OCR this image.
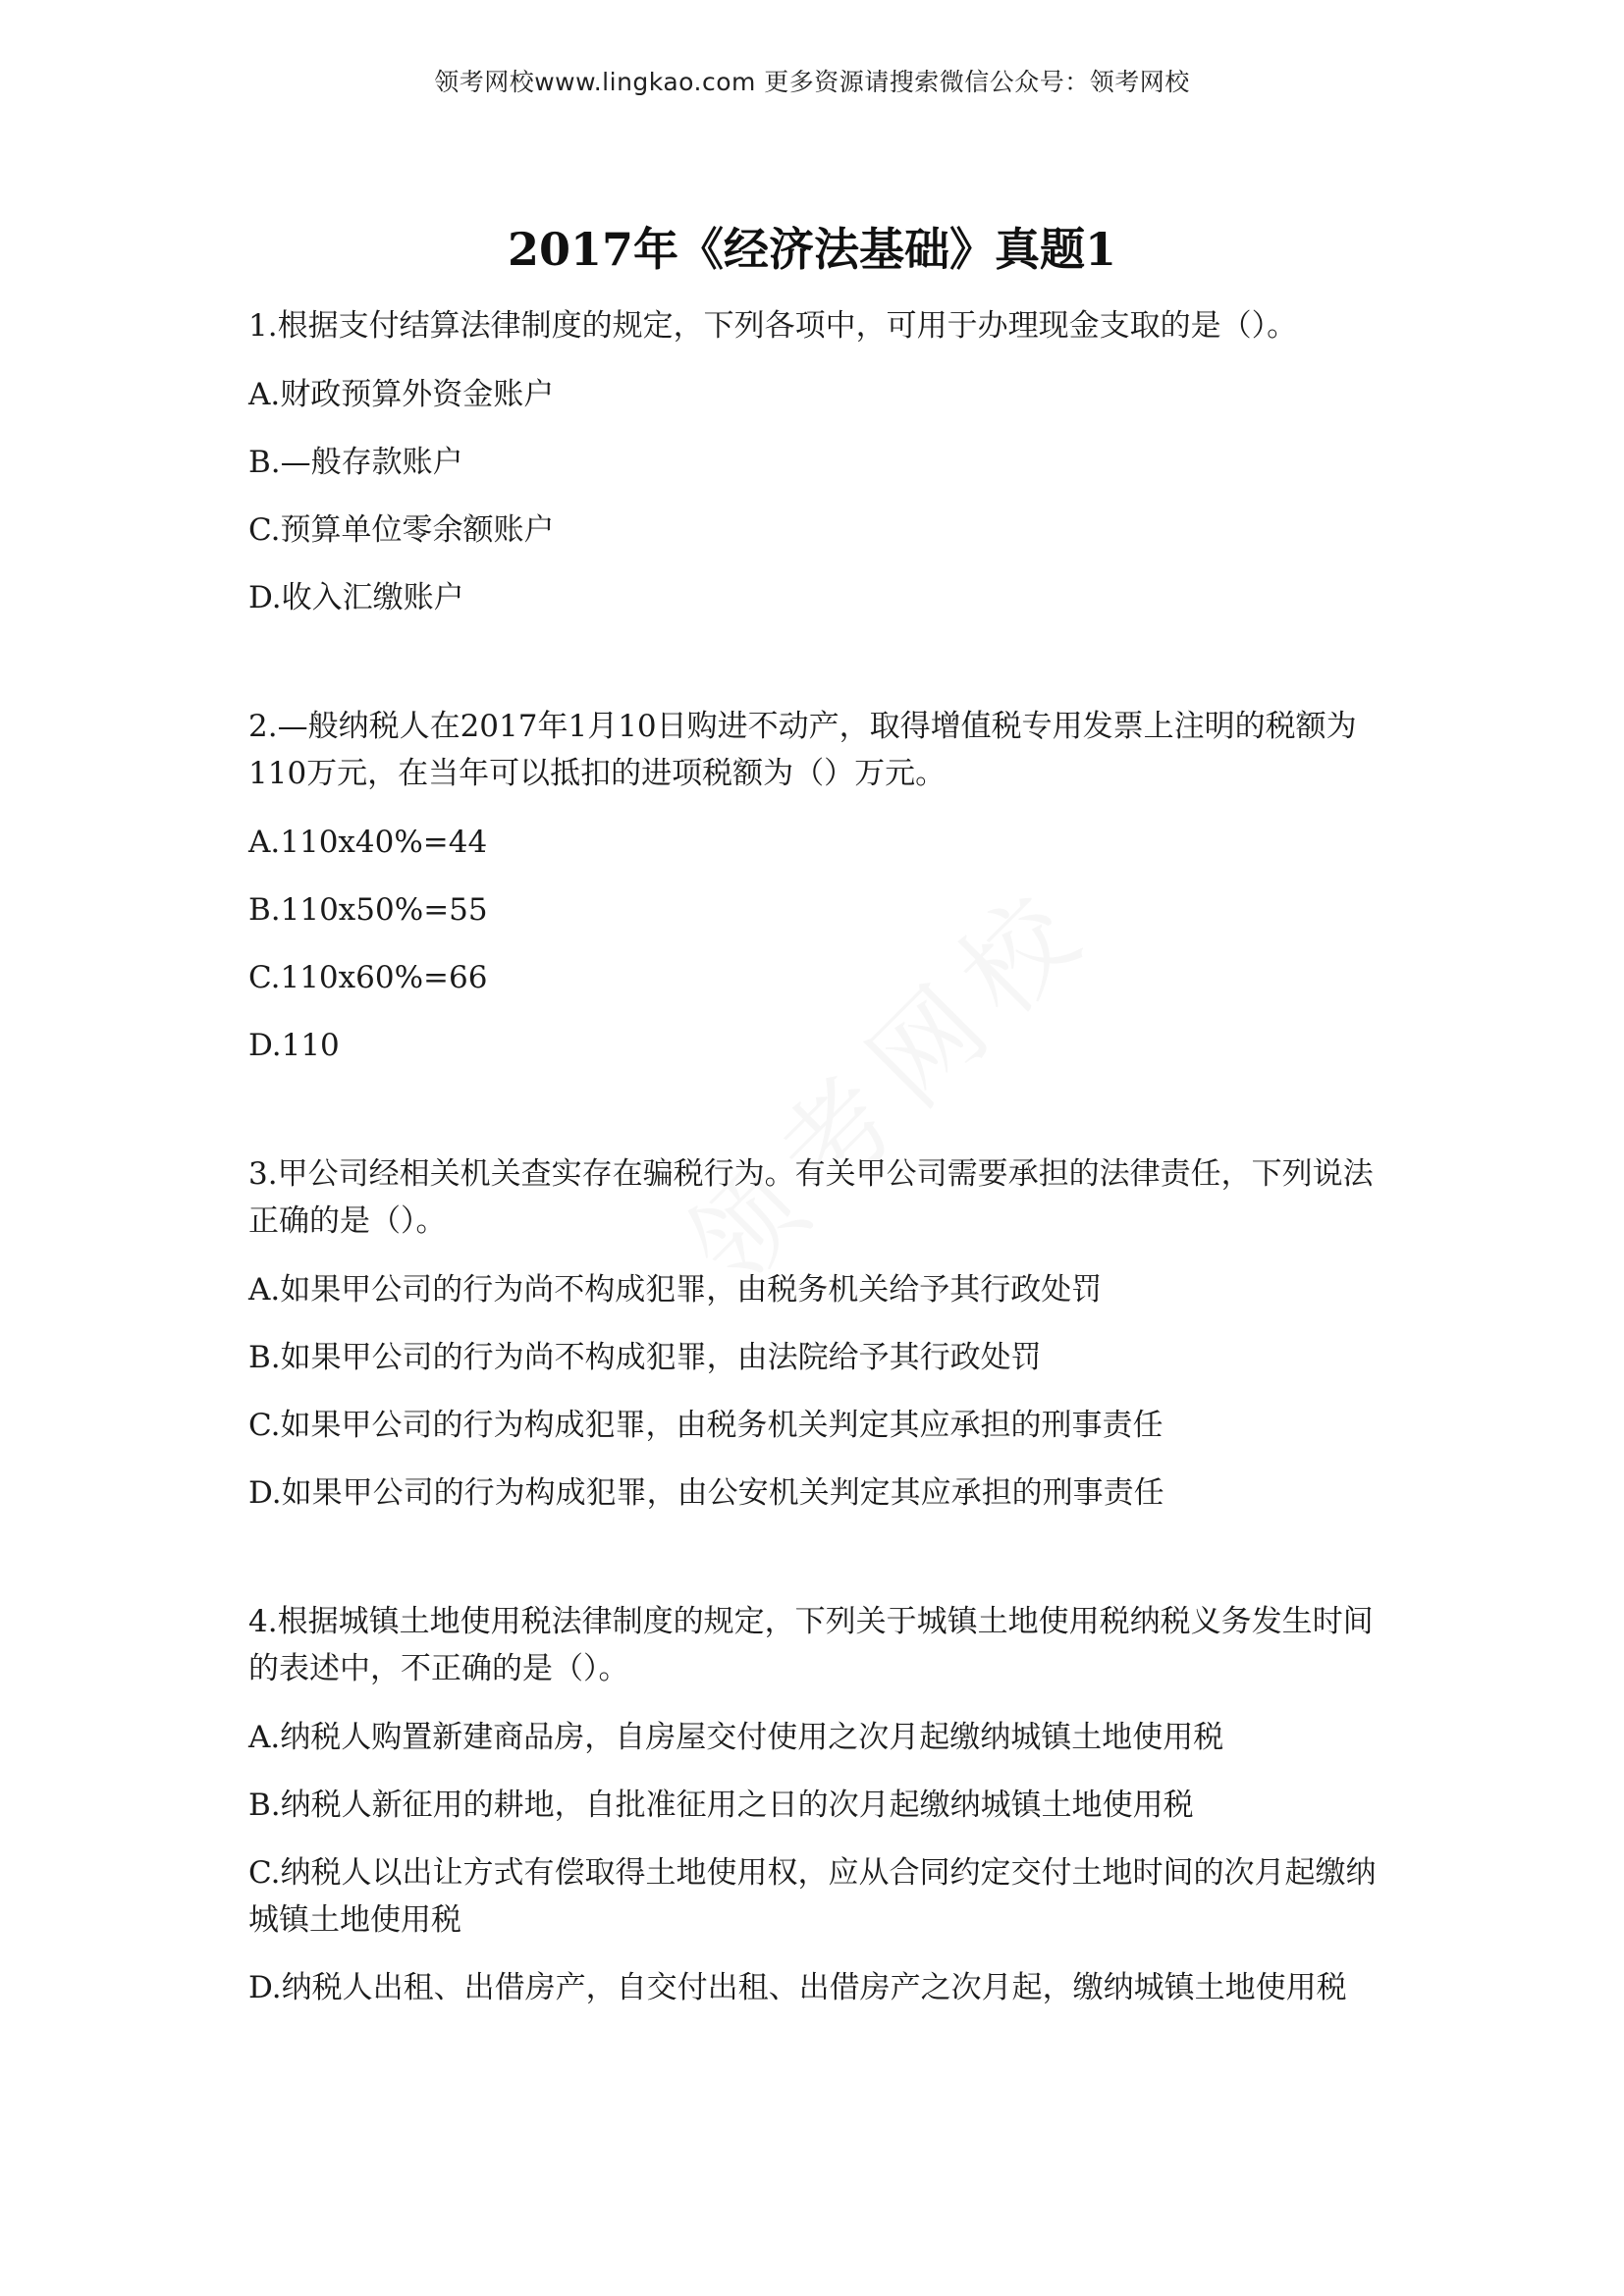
领考网校www.lingkao.com 更多资源请搜索微信公众号：领考网校
2017年《经济法基础》真题1

1.根据支付结算法律制度的规定，下列各项中，可用于办理现金支取的是（）。

A.财政预算外资金账户

B.—般存款账户

C.预算单位零余额账户

D.收入汇缴账户

2.—般纳税人在2017年1月10日购进不动产，取得增值税专用发票上注明的税额为110万元，在当年可以抵扣的进项税额为（）万元。

A.110x40%=44

B.110x50%=55

C.110x60%=66

D.110

3.甲公司经相关机关查实存在骗税行为。有关甲公司需要承担的法律责任，下列说法正确的是（）。

A.如果甲公司的行为尚不构成犯罪，由税务机关给予其行政处罚

B.如果甲公司的行为尚不构成犯罪，由法院给予其行政处罚

C.如果甲公司的行为构成犯罪，由税务机关判定其应承担的刑事责任

D.如果甲公司的行为构成犯罪，由公安机关判定其应承担的刑事责任

4.根据城镇土地使用税法律制度的规定，下列关于城镇土地使用税纳税义务发生时间的表述中，不正确的是（）。

A.纳税人购置新建商品房，自房屋交付使用之次月起缴纳城镇土地使用税

B.纳税人新征用的耕地，自批准征用之日的次月起缴纳城镇土地使用税

C.纳税人以出让方式有偿取得土地使用权，应从合同约定交付土地时间的次月起缴纳城镇土地使用税

D.纳税人出租、出借房产，自交付出租、出借房产之次月起，缴纳城镇土地使用税
